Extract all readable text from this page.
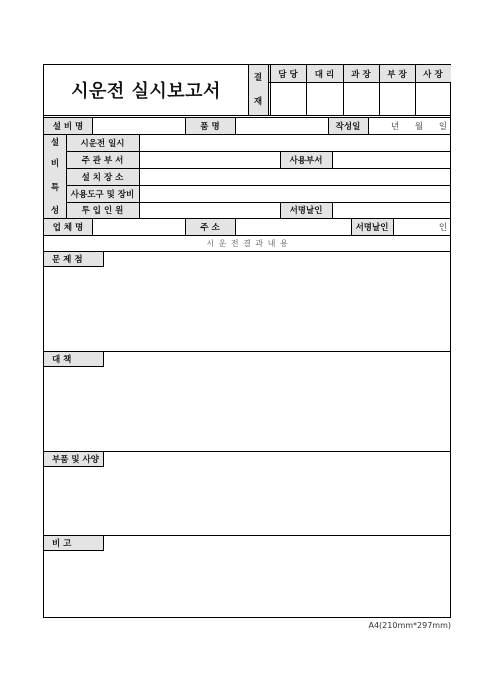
시운전 실시보고서
결
재
담 당	대 리	과 장	부 장	사 장
설 비 명	품 명	작성일	년	월	일
설
비
특
성
시운전 일시
주 관 부 서	사용부서
설 치 장 소
사용도구 및 장비
투 입 인 원	서명날인
업 체 명	주 소	서명날인	인
시 운 전 결 과 내 용
문 제 점
대 책
부품 및 사양
비 고
A4(210mm*297mm)
